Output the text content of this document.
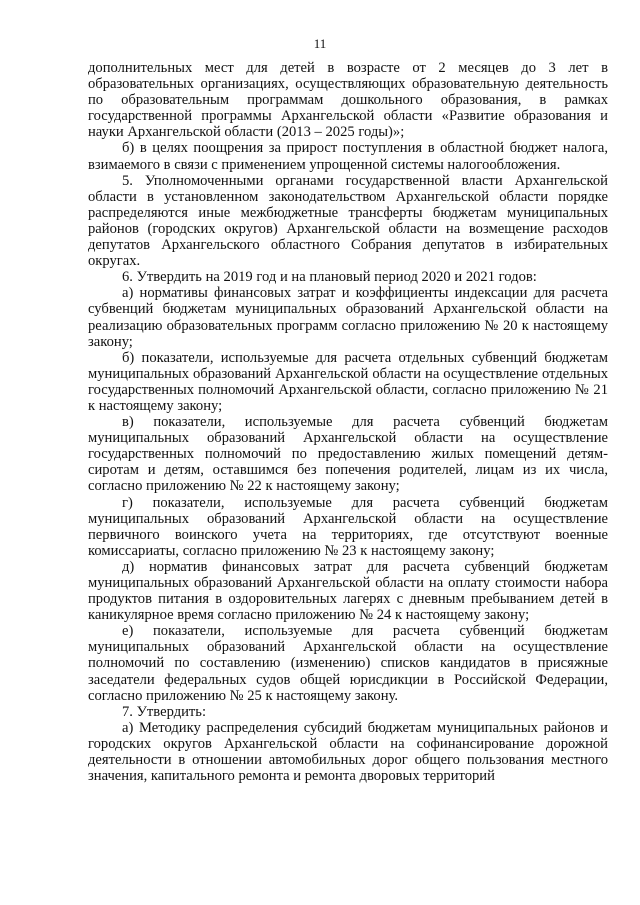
11

дополнительных мест для детей в возрасте от 2 месяцев до 3 лет в образовательных организациях, осуществляющих образовательную деятельность по образовательным программам дошкольного образования, в рамках государственной программы Архангельской области «Развитие образования и науки Архангельской области (2013 – 2025 годы)»;

б) в целях поощрения за прирост поступления в областной бюджет налога, взимаемого в связи с применением упрощенной системы налогообложения.

5. Уполномоченными органами государственной власти Архангельской области в установленном законодательством Архангельской области порядке распределяются иные межбюджетные трансферты бюджетам муниципальных районов (городских округов) Архангельской области на возмещение расходов депутатов Архангельского областного Собрания депутатов в избирательных округах.

6. Утвердить на 2019 год и на плановый период 2020 и 2021 годов:

а) нормативы финансовых затрат и коэффициенты индексации для расчета субвенций бюджетам муниципальных образований Архангельской области на реализацию образовательных программ согласно приложению № 20 к настоящему закону;

б) показатели, используемые для расчета отдельных субвенций бюджетам муниципальных образований Архангельской области на осуществление отдельных государственных полномочий Архангельской области, согласно приложению № 21 к настоящему закону;

в) показатели, используемые для расчета субвенций бюджетам муниципальных образований Архангельской области на осуществление государственных полномочий по предоставлению жилых помещений детям-сиротам и детям, оставшимся без попечения родителей, лицам из их числа, согласно приложению № 22 к настоящему закону;

г) показатели, используемые для расчета субвенций бюджетам муниципальных образований Архангельской области на осуществление первичного воинского учета на территориях, где отсутствуют военные комиссариаты, согласно приложению № 23 к настоящему закону;

д) норматив финансовых затрат для расчета субвенций бюджетам муниципальных образований Архангельской области на оплату стоимости набора продуктов питания в оздоровительных лагерях с дневным пребыванием детей в каникулярное время согласно приложению № 24 к настоящему закону;

е) показатели, используемые для расчета субвенций бюджетам муниципальных образований Архангельской области на осуществление полномочий по составлению (изменению) списков кандидатов в присяжные заседатели федеральных судов общей юрисдикции в Российской Федерации, согласно приложению № 25 к настоящему закону.

7. Утвердить:

а) Методику распределения субсидий бюджетам муниципальных районов и городских округов Архангельской области на софинансирование дорожной деятельности в отношении автомобильных дорог общего пользования местного значения, капитального ремонта и ремонта дворовых территорий
